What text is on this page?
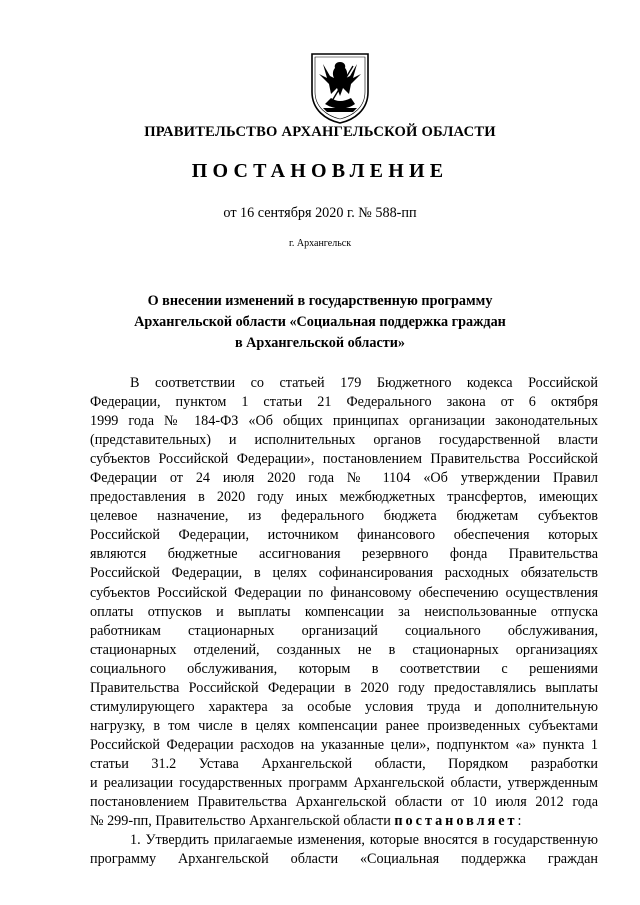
ПРАВИТЕЛЬСТВО АРХАНГЕЛЬСКОЙ ОБЛАСТИ
ПОСТАНОВЛЕНИЕ
от 16 сентября 2020 г. № 588-пп
г. Архангельск
О внесении изменений в государственную программу
Архангельской области «Социальная поддержка граждан
в Архангельской области»
В соответствии со статьей 179 Бюджетного кодекса Российской
Федерации, пунктом 1 статьи 21 Федерального закона от 6 октября
1999 года № 184-ФЗ «Об общих принципах организации законодательных
(представительных) и исполнительных органов государственной власти
субъектов Российской Федерации», постановлением Правительства Российской
Федерации от 24 июля 2020 года № 1104 «Об утверждении Правил
предоставления в 2020 году иных межбюджетных трансфертов, имеющих
целевое назначение, из федерального бюджета бюджетам субъектов
Российской Федерации, источником финансового обеспечения которых
являются бюджетные ассигнования резервного фонда Правительства
Российской Федерации, в целях софинансирования расходных обязательств
субъектов Российской Федерации по финансовому обеспечению осуществления
оплаты отпусков и выплаты компенсации за неиспользованные отпуска
работникам стационарных организаций социального обслуживания,
стационарных отделений, созданных не в стационарных организациях
социального обслуживания, которым в соответствии с решениями
Правительства Российской Федерации в 2020 году предоставлялись выплаты
стимулирующего характера за особые условия труда и дополнительную
нагрузку, в том числе в целях компенсации ранее произведенных субъектами
Российской Федерации расходов на указанные цели», подпунктом «а» пункта 1
статьи 31.2 Устава Архангельской области, Порядком разработки
и реализации государственных программ Архангельской области, утвержденным
постановлением Правительства Архангельской области от 10 июля 2012 года
№ 299-пп, Правительство Архангельской области постановляет:
1. Утвердить прилагаемые изменения, которые вносятся в государственную
программу Архангельской области «Социальная поддержка граждан
